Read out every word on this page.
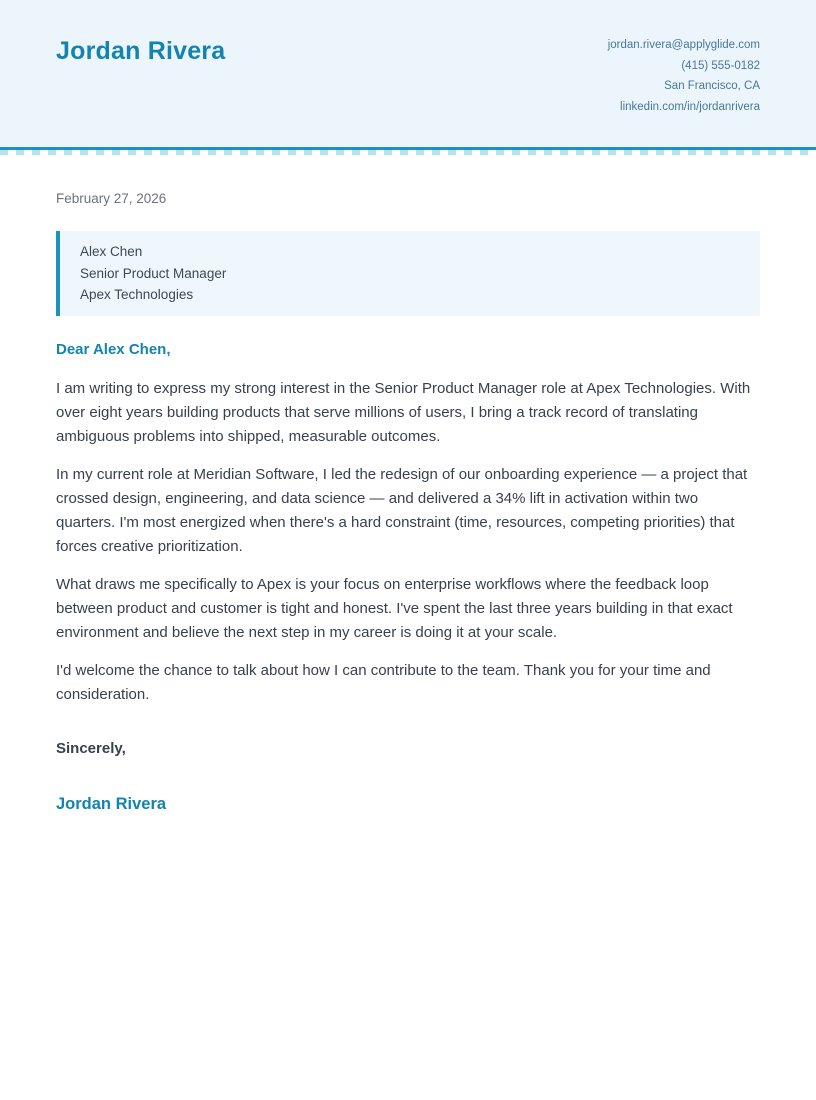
Jordan Rivera	jordan.rivera@applyglide.com
(415) 555-0182
San Francisco, CA
linkedin.com/in/jordanrivera

February 27, 2026

Alex Chen
Senior Product Manager
Apex Technologies

Dear Alex Chen,

I am writing to express my strong interest in the Senior Product Manager role at Apex Technologies. With over eight years building products that serve millions of users, I bring a track record of translating ambiguous problems into shipped, measurable outcomes.

In my current role at Meridian Software, I led the redesign of our onboarding experience — a project that crossed design, engineering, and data science — and delivered a 34% lift in activation within two quarters. I'm most energized when there's a hard constraint (time, resources, competing priorities) that forces creative prioritization.

What draws me specifically to Apex is your focus on enterprise workflows where the feedback loop between product and customer is tight and honest. I've spent the last three years building in that exact environment and believe the next step in my career is doing it at your scale.

I'd welcome the chance to talk about how I can contribute to the team. Thank you for your time and consideration.

Sincerely,

Jordan Rivera
